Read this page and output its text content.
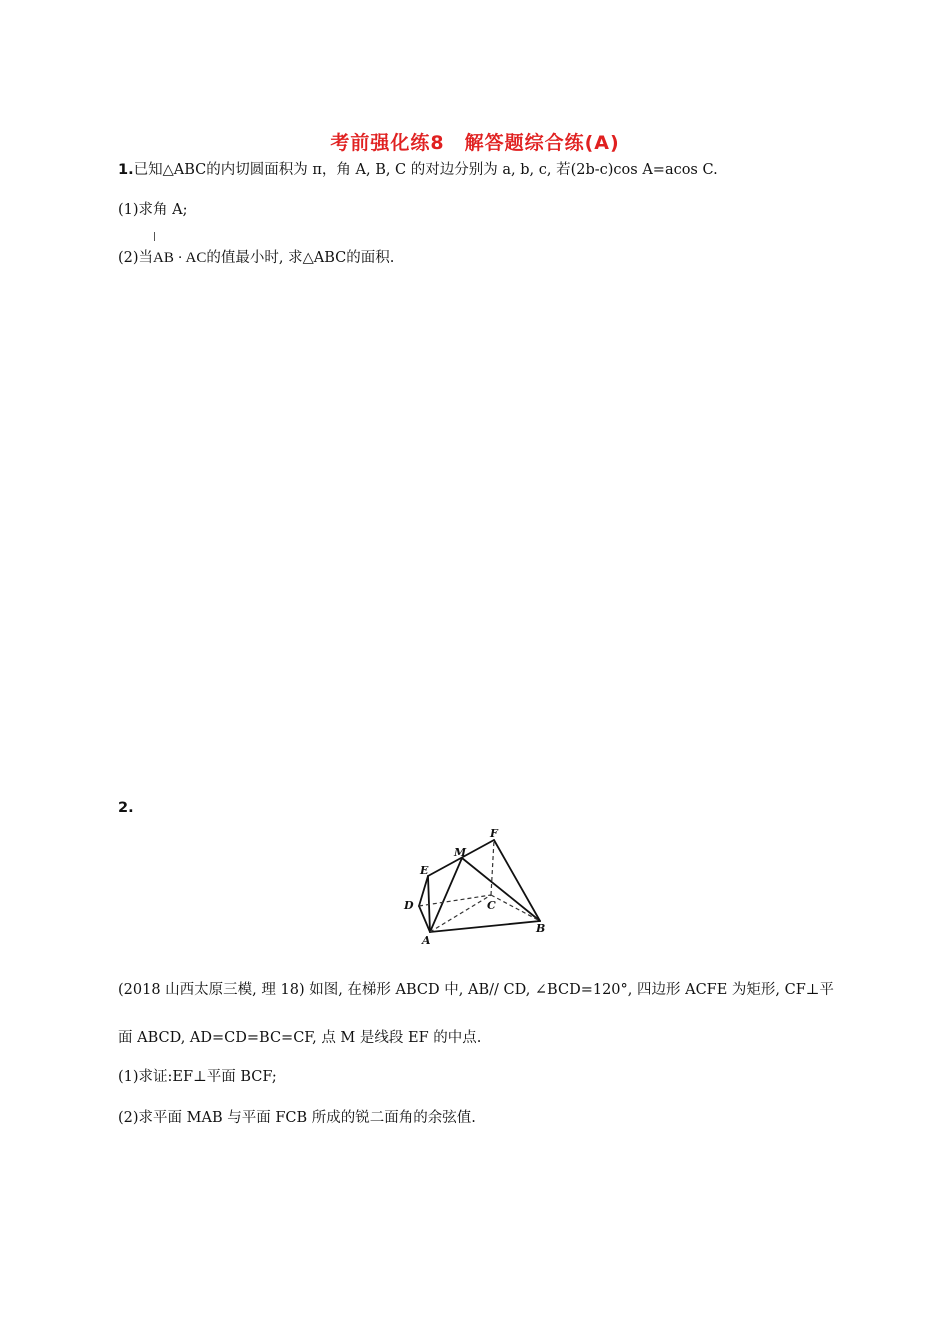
考前强化练8　解答题综合练(A)
1.已知△ABC的内切圆面积为 π，角 A, B, C 的对边分别为 a, b, c, 若(2b-c)cos A=acos C.
(1)求角 A;
(2)当
AB · AC的值最小时, 求△ABC的面积.
2.
A
B
C
D
E
F
M
(2018 山西太原三模, 理 18) 如图, 在梯形 ABCD 中, AB// CD, ∠BCD=120°, 四边形 ACFE 为矩形, CF⊥平
面 ABCD, AD=CD=BC=CF, 点 M 是线段 EF 的中点.
(1)求证:EF⊥平面 BCF;
(2)求平面 MAB 与平面 FCB 所成的锐二面角的余弦值.
